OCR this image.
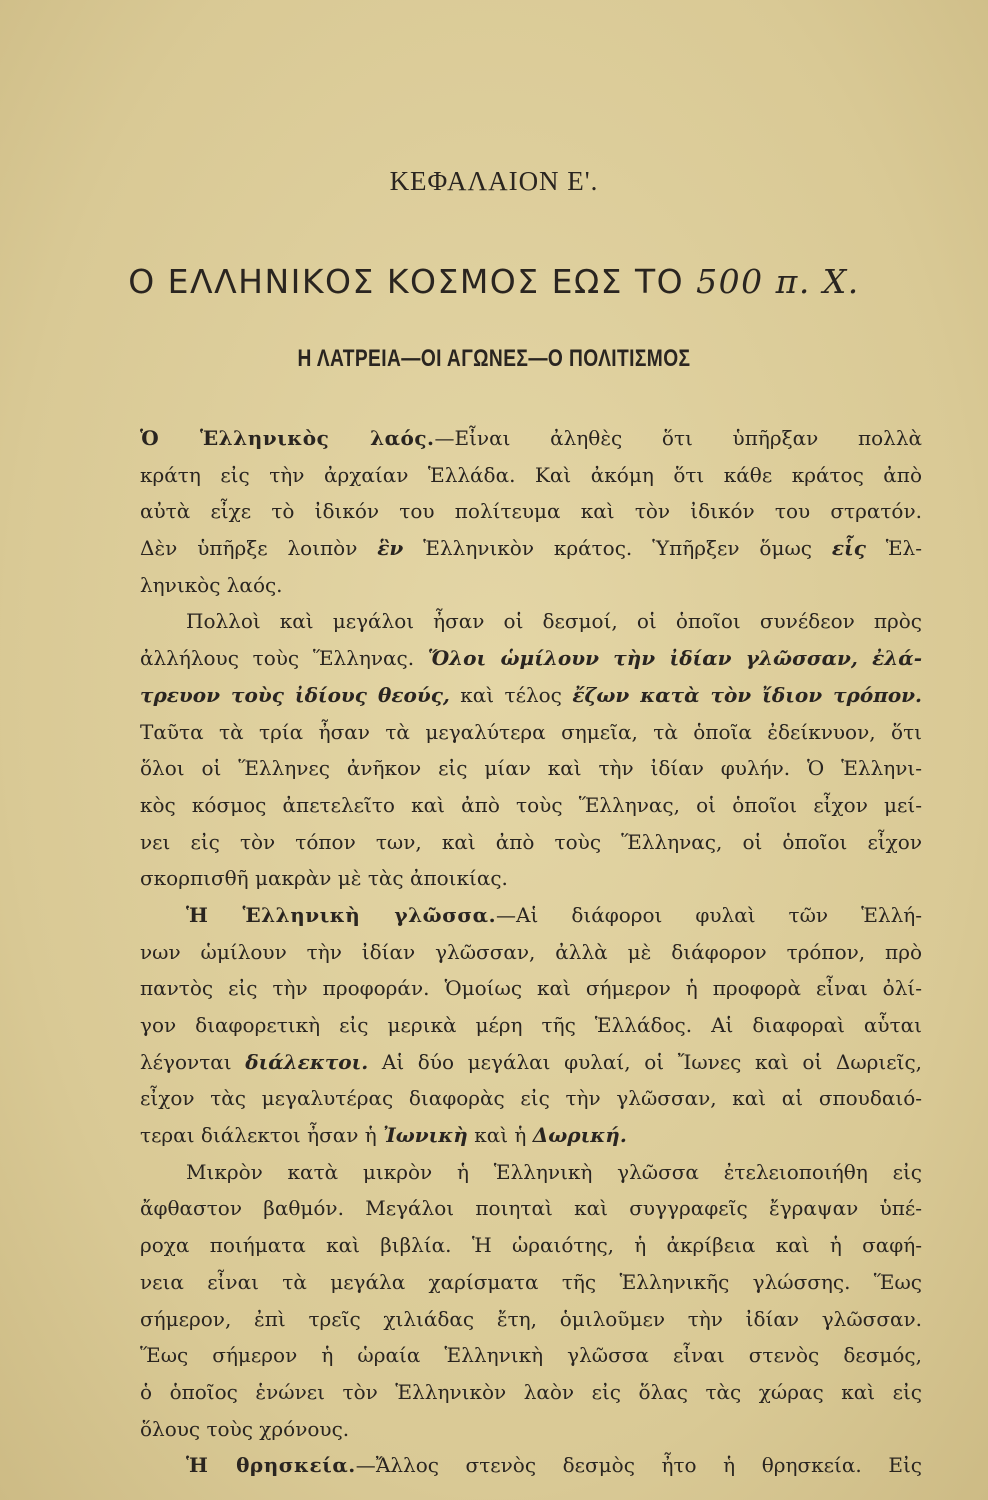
ΚΕΦΑΛΑΙΟΝ Ε'.
Ο ΕΛΛΗΝΙΚΟΣ ΚΟΣΜΟΣ ΕΩΣ ΤΟ 500 π. Χ.
Η ΛΑΤΡΕΙΑ—ΟΙ ΑΓΩΝΕΣ—Ο ΠΟΛΙΤΙΣΜΟΣ
Ὁ Ἑλληνικὸς λαός.—Εἶναι ἀληθὲς ὅτι ὑπῆρξαν πολλὰ
κράτη εἰς τὴν ἀρχαίαν Ἑλλάδα. Καὶ ἀκόμη ὅτι κάθε κράτος ἀπὸ
αὐτὰ εἶχε τὸ ἰδικόν του πολίτευμα καὶ τὸν ἰδικόν του στρατόν.
Δὲν ὑπῆρξε λοιπὸν ἓν Ἑλληνικὸν κράτος. Ὑπῆρξεν ὅμως εἷς Ἑλ-
ληνικὸς λαός.
Πολλοὶ καὶ μεγάλοι ἦσαν οἱ δεσμοί, οἱ ὁποῖοι συνέδεον πρὸς
ἀλλήλους τοὺς Ἕλληνας. Ὅλοι ὡμίλουν τὴν ἰδίαν γλῶσσαν, ἐλά-
τρευον τοὺς ἰδίους θεούς, καὶ τέλος ἔζων κατὰ τὸν ἴδιον τρόπον.
Ταῦτα τὰ τρία ἦσαν τὰ μεγαλύτερα σημεῖα, τὰ ὁποῖα ἐδείκνυον, ὅτι
ὅλοι οἱ Ἕλληνες ἀνῆκον εἰς μίαν καὶ τὴν ἰδίαν φυλήν. Ὁ Ἑλληνι-
κὸς κόσμος ἀπετελεῖτο καὶ ἀπὸ τοὺς Ἕλληνας, οἱ ὁποῖοι εἶχον μεί-
νει εἰς τὸν τόπον των, καὶ ἀπὸ τοὺς Ἕλληνας, οἱ ὁποῖοι εἶχον
σκορπισθῆ μακρὰν μὲ τὰς ἀποικίας.
Ἡ Ἑλληνικὴ γλῶσσα.—Αἱ διάφοροι φυλαὶ τῶν Ἑλλή-
νων ὡμίλουν τὴν ἰδίαν γλῶσσαν, ἀλλὰ μὲ διάφορον τρόπον, πρὸ
παντὸς εἰς τὴν προφοράν. Ὁμοίως καὶ σήμερον ἡ προφορὰ εἶναι ὀλί-
γον διαφορετικὴ εἰς μερικὰ μέρη τῆς Ἑλλάδος. Αἱ διαφοραὶ αὗται
λέγονται διάλεκτοι. Αἱ δύο μεγάλαι φυλαί, οἱ Ἴωνες καὶ οἱ Δωριεῖς,
εἶχον τὰς μεγαλυτέρας διαφορὰς εἰς τὴν γλῶσσαν, καὶ αἱ σπουδαιό-
τεραι διάλεκτοι ἦσαν ἡ Ἰωνικὴ καὶ ἡ Δωρική.
Μικρὸν κατὰ μικρὸν ἡ Ἑλληνικὴ γλῶσσα ἐτελειοποιήθη εἰς
ἄφθαστον βαθμόν. Μεγάλοι ποιηταὶ καὶ συγγραφεῖς ἔγραψαν ὑπέ-
ροχα ποιήματα καὶ βιβλία. Ἡ ὡραιότης, ἡ ἀκρίβεια καὶ ἡ σαφή-
νεια εἶναι τὰ μεγάλα χαρίσματα τῆς Ἑλληνικῆς γλώσσης. Ἕως
σήμερον, ἐπὶ τρεῖς χιλιάδας ἔτη, ὁμιλοῦμεν τὴν ἰδίαν γλῶσσαν.
Ἕως σήμερον ἡ ὡραία Ἑλληνικὴ γλῶσσα εἶναι στενὸς δεσμός,
ὁ ὁποῖος ἑνώνει τὸν Ἑλληνικὸν λαὸν εἰς ὅλας τὰς χώρας καὶ εἰς
ὅλους τοὺς χρόνους.
Ἡ θρησκεία.—Ἄλλος στενὸς δεσμὸς ἦτο ἡ θρησκεία. Εἰς
